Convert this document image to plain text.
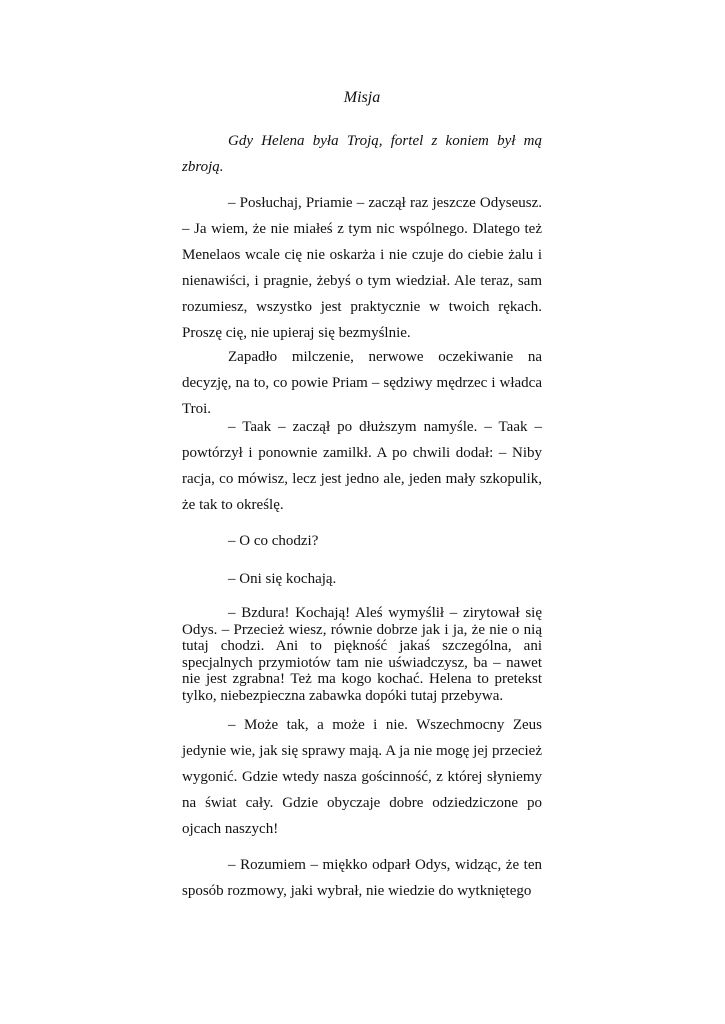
Misja

Gdy Helena była Troją, fortel z koniem był mą zbroją.

– Posłuchaj, Priamie – zaczął raz jeszcze Odyseusz. – Ja wiem, że nie miałeś z tym nic wspólnego. Dlatego też Menelaos wcale cię nie oskarża i nie czuje do ciebie żalu i nienawiści, i pragnie, żebyś o tym wiedział. Ale teraz, sam rozumiesz, wszystko jest praktycznie w twoich rękach. Proszę cię, nie upieraj się bezmyślnie.

Zapadło milczenie, nerwowe oczekiwanie na decyzję, na to, co powie Priam – sędziwy mędrzec i władca Troi.

– Taak – zaczął po dłuższym namyśle. – Taak – powtórzył i ponownie zamilkł. A po chwili dodał: – Niby racja, co mówisz, lecz jest jedno ale, jeden mały szkopulik, że tak to określę.

– O co chodzi?

– Oni się kochają.

– Bzdura! Kochają! Aleś wymyślił – zirytował się Odys. – Przecież wiesz, równie dobrze jak i ja, że nie o nią tutaj chodzi. Ani to piękność jakaś szczególna, ani specjalnych przymiotów tam nie uświadczysz, ba – nawet nie jest zgrabna! Też ma kogo kochać. Helena to pretekst tylko, niebezpieczna zabawka dopóki tutaj przebywa.

– Może tak, a może i nie. Wszechmocny Zeus jedynie wie, jak się sprawy mają. A ja nie mogę jej przecież wygonić. Gdzie wtedy nasza gościnność, z której słyniemy na świat cały. Gdzie obyczaje dobre odziedziczone po ojcach naszych!

– Rozumiem – miękko odparł Odys, widząc, że ten sposób rozmowy, jaki wybrał, nie wiedzie do wytkniętego
